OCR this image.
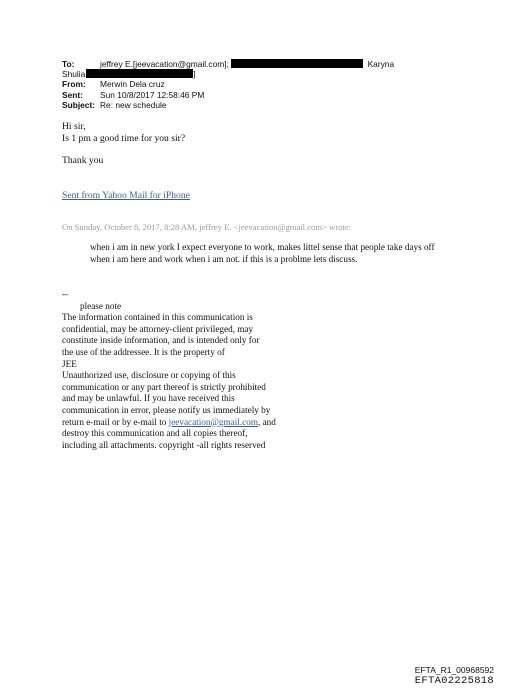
To:	jeffrey E.[jeevacation@gmail.com];	Karyna
Shulia	]
From: Merwin Dela cruz
Sent: Sun 10/8/2017 12:58:46 PM
Subject: Re: new schedule
Hi sir,
Is 1 pm a good time for you sir?
Thank you
Sent from Yahoo Mail for iPhone
On Sunday, October 8, 2017, 8:28 AM, jeffrey E. <jeevacation@gmail.com> wrote:
when i am in new york I expect everyone to work, makes littel sense that people take days off when i am here and work when i am not. if this is a problme lets discuss.

--

please note

The information contained in this communication is

confidential, may be attorney-client privileged, may

constitute inside information, and is intended only for

the use of the addressee. It is the property of

JEE

Unauthorized use, disclosure or copying of this

communication or any part thereof is strictly prohibited

and may be unlawful. If you have received this

communication in error, please notify us immediately by

return e-mail or by e-mail to jeevacation@gmail.com, and

destroy this communication and all copies thereof,

including all attachments. copyright -all rights reserved

EFTA_R1_00968592
EFTA02225818
